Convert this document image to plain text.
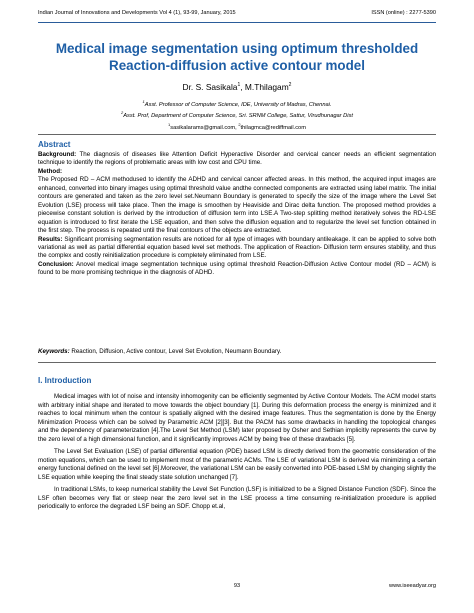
Indian Journal of Innovations and Developments Vol 4 (1), 93-99, January, 2015	ISSN (online) : 2277-5390
Medical image segmentation using optimum thresholded Reaction-diffusion active contour model
Dr. S. Sasikala$^1$, M.Thilagam$^2$
$^1$Asst. Professor of Computer Science, IDE, University of Madras, Chennai.
$^2$Asst. Prof, Department of Computer Science, Sri. SRNM College, Sattur, Virudhunagar Dist
$^1$sasikalarams@gmail.com, $^2$thilagmca@rediffmail.com
Abstract

Background: The diagnosis of diseases like Attention Deficit Hyperactive Disorder and cervical cancer needs an efficient segmentation technique to identify the regions of problematic areas with low cost and CPU time.

Method:

The Proposed RD – ACM methodused to identify the ADHD and cervical cancer affected areas. In this method, the acquired input images are enhanced, converted into binary images using optimal threshold value andthe connected components are extracted using label matrix. The initial contours are generated and taken as the zero level set.Neumann Boundary is generated to specify the size of the image where the Level Set Evolution (LSE) process will take place. Then the image is smoothen by Heaviside and Dirac delta function. The proposed method provides a piecewise constant solution is derived by the introduction of diffusion term into LSE.A Two-step splitting method iteratively solves the RD-LSE equation is introduced to first iterate the LSE equation, and then solve the diffusion equation and to regularize the level set function obtained in the first step. The process is repeated until the final contours of the objects are extracted.

Results: Significant promising segmentation results are noticed for all type of images with boundary antileakage. It can be applied to solve both variational as well as partial differential equation based level set methods. The application of Reaction- Diffusion term ensures stability, and thus the complex and costly reinitialization procedure is completely eliminated from LSE.

Conclusion: Anovel medical image segmentation technique using optimal threshold Reaction-Diffusion Active Contour model (RD – ACM) is found to be more promising technique in the diagnosis of ADHD.

Keywords: Reaction, Diffusion, Active contour, Level Set Evolution, Neumann Boundary.
I. Introduction

Medical images with lot of noise and intensity inhomogenity can be efficiently segmented by Active Contour Models. The ACM model starts with arbitrary initial shape and iterated to move towards the object boundary [1]. During this deformation process the energy is minimized and it reaches to local minimum when the contour is spatially aligned with the desired image features. Thus the segmentation is done by the Energy Minimization Process which can be solved by Parametric ACM [2][3]. But the PACM has some drawbacks in handling the topological changes and the dependency of parameterization [4].The Level Set Method (LSM) later proposed by Osher and Sethian implicitly represents the curve by the zero level of a high dimensional function, and it significantly improves ACM by being free of these drawbacks [5].

The Level Set Evaluation (LSE) of partial differential equation (PDE) based LSM is directly derived from the geometric consideration of the motion equations, which can be used to implement most of the parametric ACMs. The LSE of variational LSM is derived via minimizing a certain energy functional defined on the level set [6].Moreover, the variational LSM can be easily converted into PDE-based LSM by changing slightly the LSE equation while keeping the final steady state solution unchanged [7].

In traditional LSMs, to keep numerical stability the Level Set Function (LSF) is initialized to be a Signed Distance Function (SDF). Since the LSF often becomes very flat or steep near the zero level set in the LSE process a time consuming re-initialization procedure is applied periodically to enforce the degraded LSF being an SDF. Chopp et.al,

93	www.iseeadyar.org
